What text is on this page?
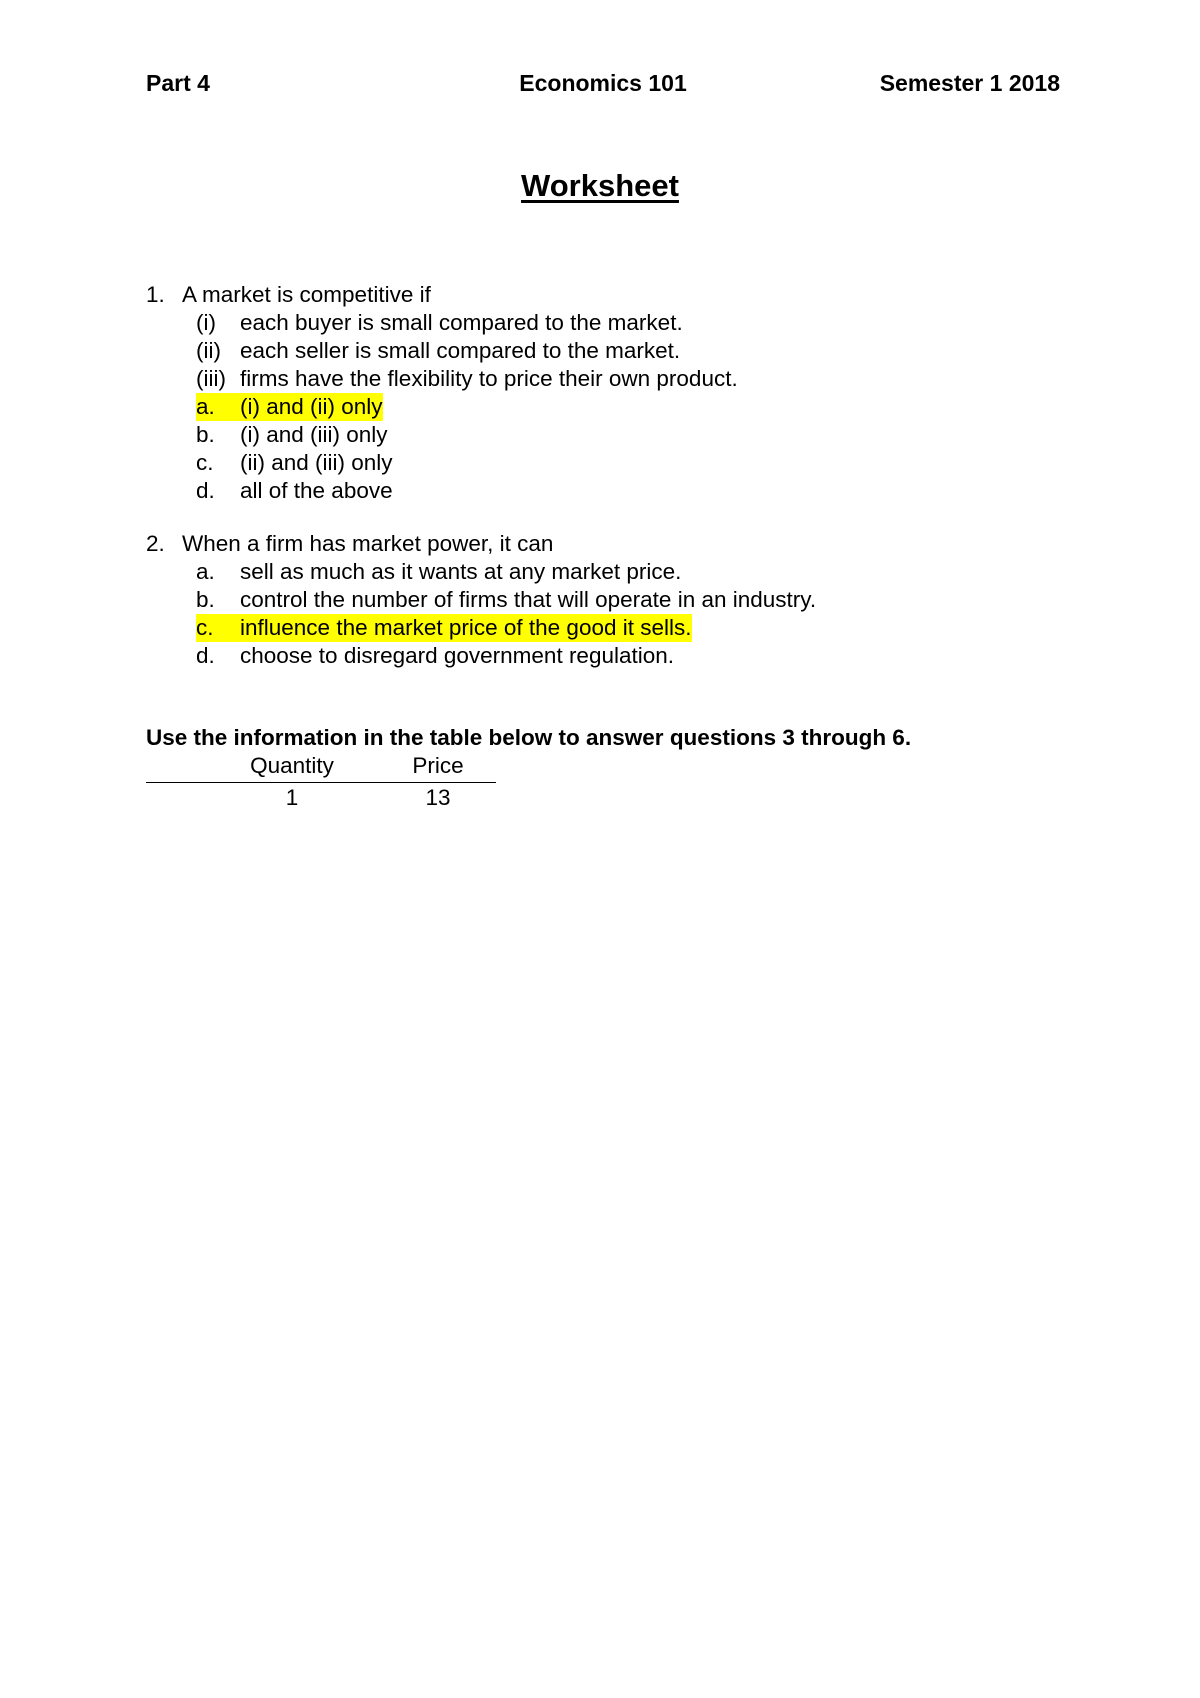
Part 4	Economics 101	Semester 1 2018
Worksheet
1. A market is competitive if
(i) each buyer is small compared to the market.
(ii) each seller is small compared to the market.
(iii) firms have the flexibility to price their own product.
a.	(i) and (ii) only
b. (i) and (iii) only
c. (ii) and (iii) only
d. all of the above
2. When a firm has market power, it can
a. sell as much as it wants at any market price.
b. control the number of firms that will operate in an industry.
c.	influence the market price of the good it sells.
d. choose to disregard government regulation.
Use the information in the table below to answer questions 3 through 6.
Quantity	Price
1	13
